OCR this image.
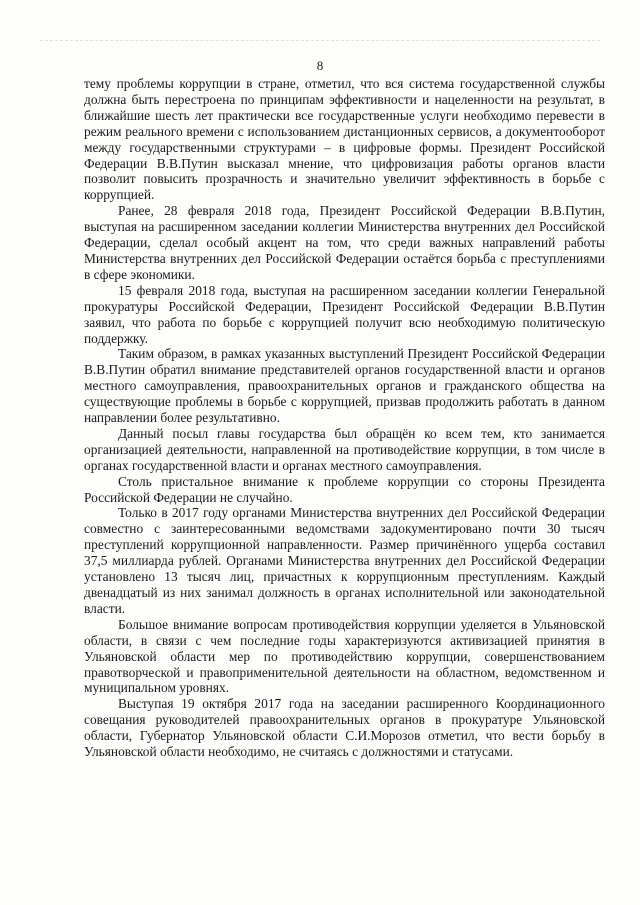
8

тему проблемы коррупции в стране, отметил, что вся система государственной службы должна быть перестроена по принципам эффективности и нацеленности на результат, в ближайшие шесть лет практически все государственные услуги необходимо перевести в режим реального времени с использованием дистанционных сервисов, а документооборот между государственными структурами – в цифровые формы. Президент Российской Федерации В.В.Путин высказал мнение, что цифровизация работы органов власти позволит повысить прозрачность и значительно увеличит эффективность в борьбе с коррупцией.

Ранее, 28 февраля 2018 года, Президент Российской Федерации В.В.Путин, выступая на расширенном заседании коллегии Министерства внутренних дел Российской Федерации, сделал особый акцент на том, что среди важных направлений работы Министерства внутренних дел Российской Федерации остаётся борьба с преступлениями в сфере экономики.

15 февраля 2018 года, выступая на расширенном заседании коллегии Генеральной прокуратуры Российской Федерации, Президент Российской Федерации В.В.Путин заявил, что работа по борьбе с коррупцией получит всю необходимую политическую поддержку.

Таким образом, в рамках указанных выступлений Президент Российской Федерации В.В.Путин обратил внимание представителей органов государственной власти и органов местного самоуправления, правоохранительных органов и гражданского общества на существующие проблемы в борьбе с коррупцией, призвав продолжить работать в данном направлении более результативно.

Данный посыл главы государства был обращён ко всем тем, кто занимается организацией деятельности, направленной на противодействие коррупции, в том числе в органах государственной власти и органах местного самоуправления.

Столь пристальное внимание к проблеме коррупции со стороны Президента Российской Федерации не случайно.

Только в 2017 году органами Министерства внутренних дел Российской Федерации совместно с заинтересованными ведомствами задокументировано почти 30 тысяч преступлений коррупционной направленности. Размер причинённого ущерба составил 37,5 миллиарда рублей. Органами Министерства внутренних дел Российской Федерации установлено 13 тысяч лиц, причастных к коррупционным преступлениям. Каждый двенадцатый из них занимал должность в органах исполнительной или законодательной власти.

Большое внимание вопросам противодействия коррупции уделяется в Ульяновской области, в связи с чем последние годы характеризуются активизацией принятия в Ульяновской области мер по противодействию коррупции, совершенствованием правотворческой и правоприменительной деятельности на областном, ведомственном и муниципальном уровнях.

Выступая 19 октября 2017 года на заседании расширенного Координационного совещания руководителей правоохранительных органов в прокуратуре Ульяновской области, Губернатор Ульяновской области С.И.Морозов отметил, что вести борьбу в Ульяновской области необходимо, не считаясь с должностями и статусами.
